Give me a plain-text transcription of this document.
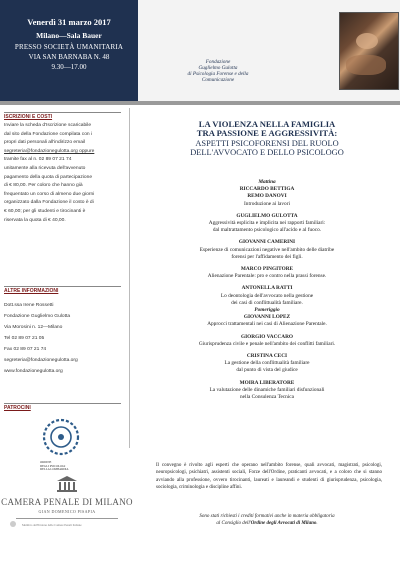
Venerdì 31 marzo 2017
Milano—Sala Bauer
PRESSO SOCIETÀ UMANITARIA
VIA SAN BARNABA N. 48
9.30—17.00
Fondazione
Guglielmo Gulotta
di Psicologia Forense e della
Comunicazione
ISCRIZIONI E COSTI
Inviare la scheda d'Iscrizione scaricabile
dal sito della Fondazione compilata con i
propri dati personali all'indirizzo email
segreteria@fondazionegulotta.org oppure
tramite fax al n. 02 89 07 21 74
unitamente alla ricevuta dell'avvenuto
pagamento della quota di partecipazione
di € 80,00. Per coloro che hanno già
frequentato un corso di almeno due giorni
organizzato dalla Fondazione il costo è di
€ 60,00; per gli studenti e tirocinanti è
riservata la quota di € 40,00.
ALTRE INFORMAZIONI
Dott.ssa Irene Rossetti
Fondazione Guglielmo Gulotta
Via Morosini n. 12—Milano
Tel 02 89 07 21 05
Fax 02 89 07 21 74
segreteria@fondazionegulotta.org
www.fondazionegulotta.org
PATROCINI
ORDINE
DEGLI PSICOLOGI
DELLA LOMBARDIA
CAMERA PENALE DI MILANO
GIAN DOMENICO PISAPIA
Membro dell'Unione delle Camere Penali Italiane
LA VIOLENZA NELLA FAMIGLIA
TRA PASSIONE E AGGRESSIVITÀ:
ASPETTI PSICOFORENSI DEL RUOLO
DELL'AVVOCATO E DELLO PSICOLOGO
Mattina
RICCARDO BETTIGA
REMO DANOVI
Introduzione ai lavori
GUGLIELMO GULOTTA
Aggressività esplicita e implicita nei rapporti familiari:
dal maltrattamento psicologico all'acido e al fuoco.
GIOVANNI CAMERINI
Esperienze di comunicazioni negative nell'ambito delle diatribe
forensi per l'affidamento dei figli.
MARCO PINGITORE
Alienazione Parentale: pro e contro nella prassi forense.
ANTONELLA RATTI
Lo deontologia dell'avvocato nella gestione
dei casi di conflittualità familiare.
Pomeriggio
GIOVANNI LOPEZ
Approcci trattamentali nei casi di Alienazione Parentale.
GIORGIO VACCARO
Giurisprudenza civile e penale nell'ambito dei conflitti familiari.
CRISTINA CECI
La gestione della conflittualità familiare
dal punto di vista del giudice
MOIRA LIBERATORE
La valutazione delle dinamiche familiari disfunzionali
nella Consulenza Tecnica
Il convegno è rivolto agli esperti che operano nell'ambito forense, quali avvocati, magistrati, psicologi, neuropsicologi, psichiatri, assistenti sociali, Forze dell'Ordine, praticanti avvocati, e a coloro che si stanno avviando alla professione, ovvero tirocinanti, laureati e laureandi e studenti di giurisprudenza, psicologia, sociologia, criminologia e discipline affini.
Sono stati richiesti i crediti formativi anche in materia obbligatoria
al Consiglio dell'Ordine degli Avvocati di Milano.
